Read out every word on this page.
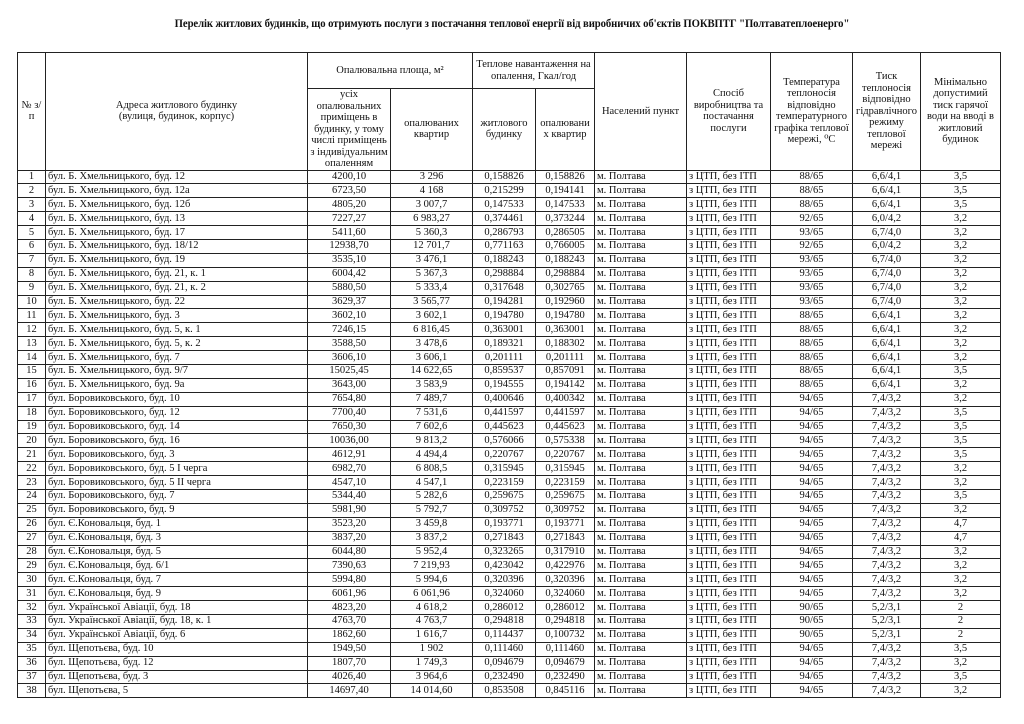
Перелік житлових будинків, що отримують послуги з постачання теплової енергії від виробничих об'єктів ПОКВПТГ "Полтаватеплоенерго"
№ з/п	Адреса житлового будинку (вулиця, будинок, корпус)	Опалювальна площа, м²		Теплове навантаження на опалення, Гкал/год		Населений пункт	Спосіб виробництва та постачання послуги	Температура теплоносія відповідно температурного графіка теплової мережі, ⁰С	Тиск теплоносія відповідно гідравлічного режиму теплової мережі	Мінімально допустимий тиск гарячої води на вводі в житловий будинок
		усіх опалювальних приміщень в будинку, у тому числі приміщень з індивідуальним опаленням	опалюваних квартир	житлового будинку	опалювани х квартир					
1	бул. Б. Хмельницького, буд. 12	4200,10	3 296	0,158826	0,158826	м. Полтава	з ЦТП, без ІТП	88/65	6,6/4,1	3,5
2	бул. Б. Хмельницького, буд. 12а	6723,50	4 168	0,215299	0,194141	м. Полтава	з ЦТП, без ІТП	88/65	6,6/4,1	3,5
3	бул. Б. Хмельницького, буд. 12б	4805,20	3 007,7	0,147533	0,147533	м. Полтава	з ЦТП, без ІТП	88/65	6,6/4,1	3,5
4	бул. Б. Хмельницького, буд. 13	7227,27	6 983,27	0,374461	0,373244	м. Полтава	з ЦТП, без ІТП	92/65	6,0/4,2	3,2
5	бул. Б. Хмельницького, буд. 17	5411,60	5 360,3	0,286793	0,286505	м. Полтава	з ЦТП, без ІТП	93/65	6,7/4,0	3,2
6	бул. Б. Хмельницького, буд. 18/12	12938,70	12 701,7	0,771163	0,766005	м. Полтава	з ЦТП, без ІТП	92/65	6,0/4,2	3,2
7	бул. Б. Хмельницького, буд. 19	3535,10	3 476,1	0,188243	0,188243	м. Полтава	з ЦТП, без ІТП	93/65	6,7/4,0	3,2
8	бул. Б. Хмельницького, буд. 21, к. 1	6004,42	5 367,3	0,298884	0,298884	м. Полтава	з ЦТП, без ІТП	93/65	6,7/4,0	3,2
9	бул. Б. Хмельницького, буд. 21, к. 2	5880,50	5 333,4	0,317648	0,302765	м. Полтава	з ЦТП, без ІТП	93/65	6,7/4,0	3,2
10	бул. Б. Хмельницького, буд. 22	3629,37	3 565,77	0,194281	0,192960	м. Полтава	з ЦТП, без ІТП	93/65	6,7/4,0	3,2
11	бул. Б. Хмельницького, буд. 3	3602,10	3 602,1	0,194780	0,194780	м. Полтава	з ЦТП, без ІТП	88/65	6,6/4,1	3,2
12	бул. Б. Хмельницького, буд. 5, к. 1	7246,15	6 816,45	0,363001	0,363001	м. Полтава	з ЦТП, без ІТП	88/65	6,6/4,1	3,2
13	бул. Б. Хмельницького, буд. 5, к. 2	3588,50	3 478,6	0,189321	0,188302	м. Полтава	з ЦТП, без ІТП	88/65	6,6/4,1	3,2
14	бул. Б. Хмельницького, буд. 7	3606,10	3 606,1	0,201111	0,201111	м. Полтава	з ЦТП, без ІТП	88/65	6,6/4,1	3,2
15	бул. Б. Хмельницького, буд. 9/7	15025,45	14 622,65	0,859537	0,857091	м. Полтава	з ЦТП, без ІТП	88/65	6,6/4,1	3,5
16	бул. Б. Хмельницького, буд. 9а	3643,00	3 583,9	0,194555	0,194142	м. Полтава	з ЦТП, без ІТП	88/65	6,6/4,1	3,2
17	бул. Боровиковського, буд. 10	7654,80	7 489,7	0,400646	0,400342	м. Полтава	з ЦТП, без ІТП	94/65	7,4/3,2	3,2
18	бул. Боровиковського, буд. 12	7700,40	7 531,6	0,441597	0,441597	м. Полтава	з ЦТП, без ІТП	94/65	7,4/3,2	3,5
19	бул. Боровиковського, буд. 14	7650,30	7 602,6	0,445623	0,445623	м. Полтава	з ЦТП, без ІТП	94/65	7,4/3,2	3,5
20	бул. Боровиковського, буд. 16	10036,00	9 813,2	0,576066	0,575338	м. Полтава	з ЦТП, без ІТП	94/65	7,4/3,2	3,5
21	бул. Боровиковського, буд. 3	4612,91	4 494,4	0,220767	0,220767	м. Полтава	з ЦТП, без ІТП	94/65	7,4/3,2	3,5
22	бул. Боровиковського, буд. 5 І черга	6982,70	6 808,5	0,315945	0,315945	м. Полтава	з ЦТП, без ІТП	94/65	7,4/3,2	3,2
23	бул. Боровиковського, буд. 5 ІІ черга	4547,10	4 547,1	0,223159	0,223159	м. Полтава	з ЦТП, без ІТП	94/65	7,4/3,2	3,2
24	бул. Боровиковського, буд. 7	5344,40	5 282,6	0,259675	0,259675	м. Полтава	з ЦТП, без ІТП	94/65	7,4/3,2	3,5
25	бул. Боровиковського, буд. 9	5981,90	5 792,7	0,309752	0,309752	м. Полтава	з ЦТП, без ІТП	94/65	7,4/3,2	3,2
26	бул. Є.Коновальця, буд. 1	3523,20	3 459,8	0,193771	0,193771	м. Полтава	з ЦТП, без ІТП	94/65	7,4/3,2	4,7
27	бул. Є.Коновальця, буд. 3	3837,20	3 837,2	0,271843	0,271843	м. Полтава	з ЦТП, без ІТП	94/65	7,4/3,2	4,7
28	бул. Є.Коновальця, буд. 5	6044,80	5 952,4	0,323265	0,317910	м. Полтава	з ЦТП, без ІТП	94/65	7,4/3,2	3,2
29	бул. Є.Коновальця, буд. 6/1	7390,63	7 219,93	0,423042	0,422976	м. Полтава	з ЦТП, без ІТП	94/65	7,4/3,2	3,2
30	бул. Є.Коновальця, буд. 7	5994,80	5 994,6	0,320396	0,320396	м. Полтава	з ЦТП, без ІТП	94/65	7,4/3,2	3,2
31	бул. Є.Коновальця, буд. 9	6061,96	6 061,96	0,324060	0,324060	м. Полтава	з ЦТП, без ІТП	94/65	7,4/3,2	3,2
32	бул. Української Авіації, буд. 18	4823,20	4 618,2	0,286012	0,286012	м. Полтава	з ЦТП, без ІТП	90/65	5,2/3,1	2
33	бул. Української Авіації, буд. 18, к. 1	4763,70	4 763,7	0,294818	0,294818	м. Полтава	з ЦТП, без ІТП	90/65	5,2/3,1	2
34	бул. Української Авіації, буд. 6	1862,60	1 616,7	0,114437	0,100732	м. Полтава	з ЦТП, без ІТП	90/65	5,2/3,1	2
35	бул. Щепотьєва, буд. 10	1949,50	1 902	0,111460	0,111460	м. Полтава	з ЦТП, без ІТП	94/65	7,4/3,2	3,5
36	бул. Щепотьєва, буд. 12	1807,70	1 749,3	0,094679	0,094679	м. Полтава	з ЦТП, без ІТП	94/65	7,4/3,2	3,2
37	бул. Щепотьєва, буд. 3	4026,40	3 964,6	0,232490	0,232490	м. Полтава	з ЦТП, без ІТП	94/65	7,4/3,2	3,5
38	бул. Щепотьєва, 5	14697,40	14 014,60	0,853508	0,845116	м. Полтава	з ЦТП, без ІТП	94/65	7,4/3,2	3,2
